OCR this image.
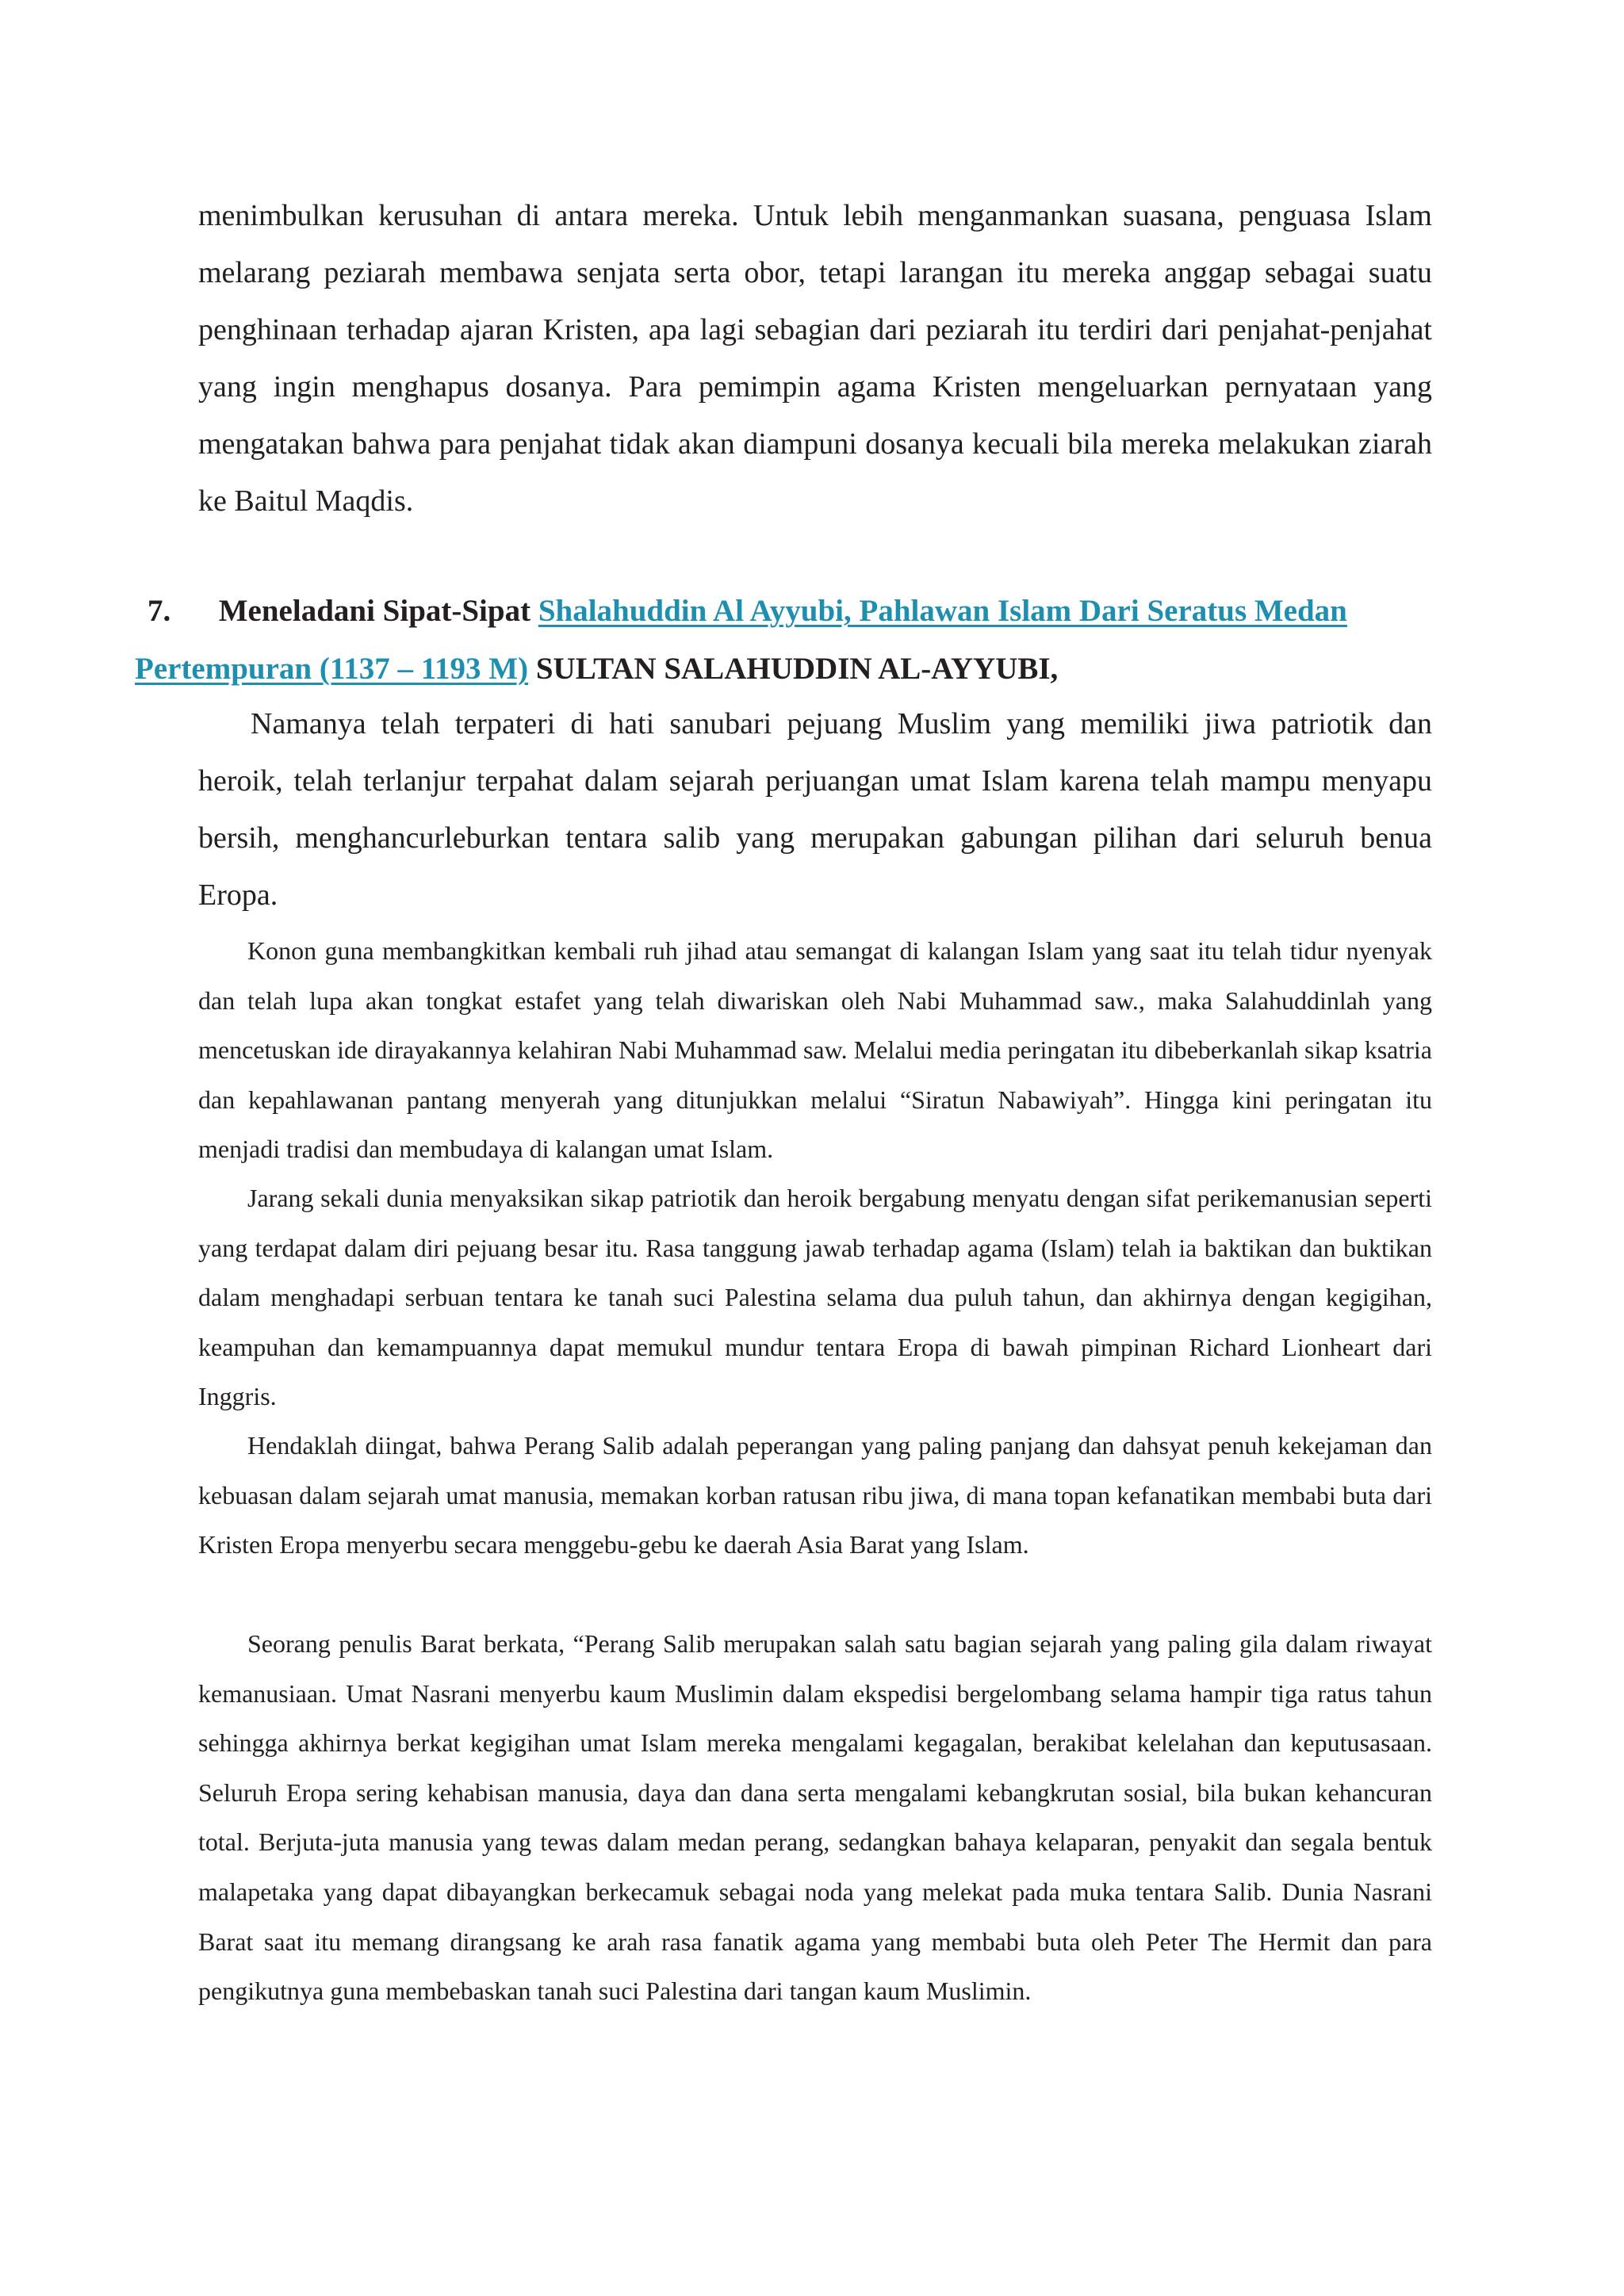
menimbulkan kerusuhan di antara mereka. Untuk lebih menganmankan suasana, penguasa Islam melarang peziarah membawa senjata serta obor, tetapi larangan itu mereka anggap sebagai suatu penghinaan terhadap ajaran Kristen, apa lagi sebagian dari peziarah itu terdiri dari penjahat-penjahat yang ingin menghapus dosanya. Para pemimpin agama Kristen mengeluarkan pernyataan yang mengatakan bahwa para penjahat tidak akan diampuni dosanya kecuali bila mereka melakukan ziarah ke Baitul Maqdis.

7. Meneladani Sipat-Sipat Shalahuddin Al Ayyubi, Pahlawan Islam Dari Seratus Medan
Pertempuran (1137 – 1193 M) SULTAN SALAHUDDIN AL-AYYUBI,

Namanya telah terpateri di hati sanubari pejuang Muslim yang memiliki jiwa patriotik dan heroik, telah terlanjur terpahat dalam sejarah perjuangan umat Islam karena telah mampu menyapu bersih, menghancurleburkan tentara salib yang merupakan gabungan pilihan dari seluruh benua Eropa.

Konon guna membangkitkan kembali ruh jihad atau semangat di kalangan Islam yang saat itu telah tidur nyenyak dan telah lupa akan tongkat estafet yang telah diwariskan oleh Nabi Muhammad saw., maka Salahuddinlah yang mencetuskan ide dirayakannya kelahiran Nabi Muhammad saw. Melalui media peringatan itu dibeberkanlah sikap ksatria dan kepahlawanan pantang menyerah yang ditunjukkan melalui “Siratun Nabawiyah”. Hingga kini peringatan itu menjadi tradisi dan membudaya di kalangan umat Islam.

Jarang sekali dunia menyaksikan sikap patriotik dan heroik bergabung menyatu dengan sifat perikemanusian seperti yang terdapat dalam diri pejuang besar itu. Rasa tanggung jawab terhadap agama (Islam) telah ia baktikan dan buktikan dalam menghadapi serbuan tentara ke tanah suci Palestina selama dua puluh tahun, dan akhirnya dengan kegigihan, keampuhan dan kemampuannya dapat memukul mundur tentara Eropa di bawah pimpinan Richard Lionheart dari Inggris.

Hendaklah diingat, bahwa Perang Salib adalah peperangan yang paling panjang dan dahsyat penuh kekejaman dan kebuasan dalam sejarah umat manusia, memakan korban ratusan ribu jiwa, di mana topan kefanatikan membabi buta dari Kristen Eropa menyerbu secara menggebu-gebu ke daerah Asia Barat yang Islam.

Seorang penulis Barat berkata, “Perang Salib merupakan salah satu bagian sejarah yang paling gila dalam riwayat kemanusiaan. Umat Nasrani menyerbu kaum Muslimin dalam ekspedisi bergelombang selama hampir tiga ratus tahun sehingga akhirnya berkat kegigihan umat Islam mereka mengalami kegagalan, berakibat kelelahan dan keputusasaan. Seluruh Eropa sering kehabisan manusia, daya dan dana serta mengalami kebangkrutan sosial, bila bukan kehancuran total. Berjuta-juta manusia yang tewas dalam medan perang, sedangkan bahaya kelaparan, penyakit dan segala bentuk malapetaka yang dapat dibayangkan berkecamuk sebagai noda yang melekat pada muka tentara Salib. Dunia Nasrani Barat saat itu memang dirangsang ke arah rasa fanatik agama yang membabi buta oleh Peter The Hermit dan para pengikutnya guna membebaskan tanah suci Palestina dari tangan kaum Muslimin.
